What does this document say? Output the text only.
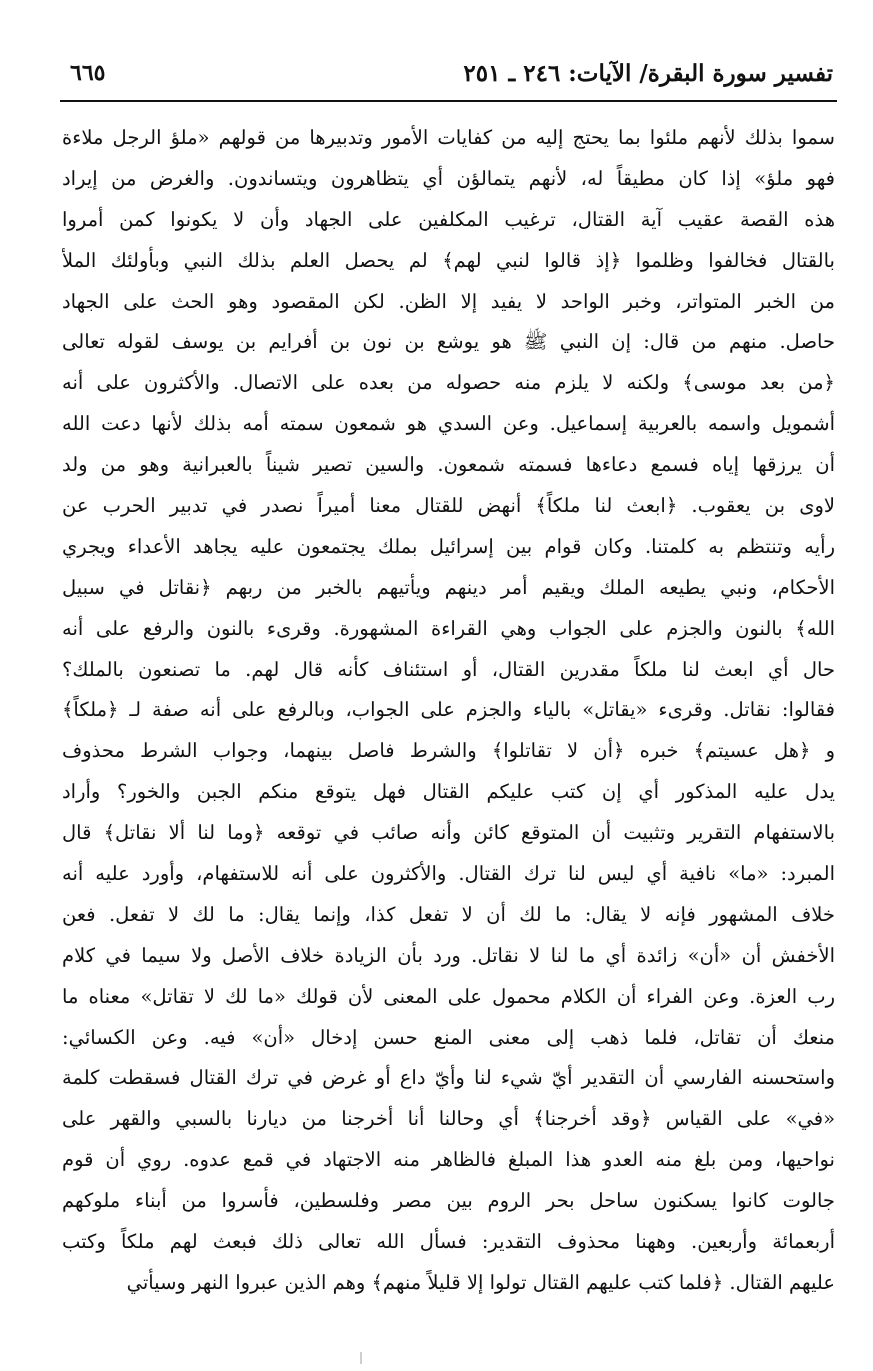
تفسير سورة البقرة/ الآيات: ٢٤٦ ـ ٢٥١
٦٦٥
سموا بذلك لأنهم ملئوا بما يحتج إليه من كفايات الأمور وتدبيرها من قولهم «ملؤ الرجل ملاءة
فهو ملؤ» إذا كان مطيقاً له، لأنهم يتمالؤن أي يتظاهرون ويتساندون. والغرض من إيراد
هذه القصة عقيب آية القتال، ترغيب المكلفين على الجهاد وأن لا يكونوا كمن أمروا
بالقتال فخالفوا وظلموا ﴿إذ قالوا لنبي لهم﴾ لم يحصل العلم بذلك النبي وبأولئك الملأ
من الخبر المتواتر، وخبر الواحد لا يفيد إلا الظن. لكن المقصود وهو الحث على الجهاد
حاصل. منهم من قال: إن النبي ﷺ هو يوشع بن نون بن أفرايم بن يوسف لقوله تعالى
﴿من بعد موسى﴾ ولكنه لا يلزم منه حصوله من بعده على الاتصال. والأكثرون على أنه
أشمويل واسمه بالعربية إسماعيل. وعن السدي هو شمعون سمته أمه بذلك لأنها دعت الله
أن يرزقها إياه فسمع دعاءها فسمته شمعون. والسين تصير شيناً بالعبرانية وهو من ولد
لاوى بن يعقوب. ﴿ابعث لنا ملكاً﴾ أنهض للقتال معنا أميراً نصدر في تدبير الحرب عن
رأيه وتنتظم به كلمتنا. وكان قوام بين إسرائيل بملك يجتمعون عليه يجاهد الأعداء ويجري
الأحكام، ونبي يطيعه الملك ويقيم أمر دينهم ويأتيهم بالخبر من ربهم ﴿نقاتل في سبيل
الله﴾ بالنون والجزم على الجواب وهي القراءة المشهورة. وقرىء بالنون والرفع على أنه
حال أي ابعث لنا ملكاً مقدرين القتال، أو استئناف كأنه قال لهم. ما تصنعون بالملك؟
فقالوا: نقاتل. وقرىء «يقاتل» بالياء والجزم على الجواب، وبالرفع على أنه صفة لـ ﴿ملكاً﴾
و ﴿هل عسيتم﴾ خبره ﴿أن لا تقاتلوا﴾ والشرط فاصل بينهما، وجواب الشرط محذوف
يدل عليه المذكور أي إن كتب عليكم القتال فهل يتوقع منكم الجبن والخور؟ وأراد
بالاستفهام التقرير وتثبيت أن المتوقع كائن وأنه صائب في توقعه ﴿وما لنا ألا نقاتل﴾ قال
المبرد: «ما» نافية أي ليس لنا ترك القتال. والأكثرون على أنه للاستفهام، وأورد عليه أنه
خلاف المشهور فإنه لا يقال: ما لك أن لا تفعل كذا، وإنما يقال: ما لك لا تفعل. فعن
الأخفش أن «أن» زائدة أي ما لنا لا نقاتل. ورد بأن الزيادة خلاف الأصل ولا سيما في كلام
رب العزة. وعن الفراء أن الكلام محمول على المعنى لأن قولك «ما لك لا تقاتل» معناه ما
منعك أن تقاتل، فلما ذهب إلى معنى المنع حسن إدخال «أن» فيه. وعن الكسائي:
واستحسنه الفارسي أن التقدير أيّ شيء لنا وأيّ داع أو غرض في ترك القتال فسقطت كلمة
«في» على القياس ﴿وقد أخرجنا﴾ أي وحالنا أنا أخرجنا من ديارنا بالسبي والقهر على
نواحيها، ومن بلغ منه العدو هذا المبلغ فالظاهر منه الاجتهاد في قمع عدوه. روي أن قوم
جالوت كانوا يسكنون ساحل بحر الروم بين مصر وفلسطين، فأسروا من أبناء ملوكهم
أربعمائة وأربعين. وههنا محذوف التقدير: فسأل الله تعالى ذلك فبعث لهم ملكاً وكتب
عليهم القتال. ﴿فلما كتب عليهم القتال تولوا إلا قليلاً منهم﴾ وهم الذين عبروا النهر وسيأتي
